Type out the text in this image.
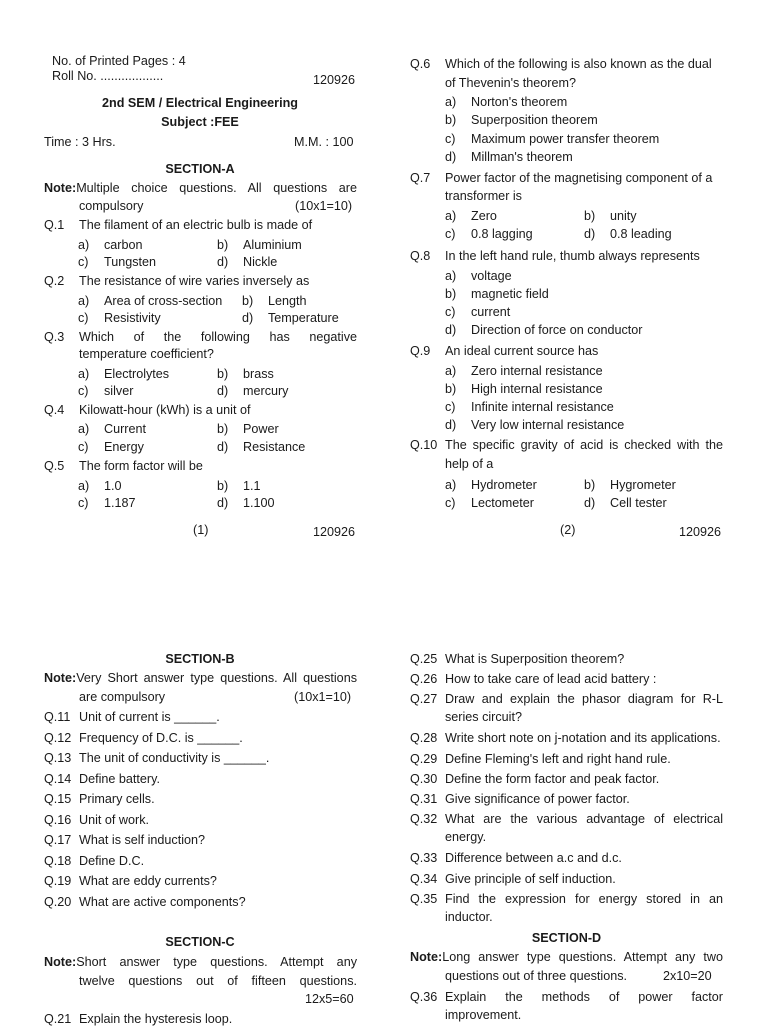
No. of Printed Pages : 4
Roll No. ..................	120926
2nd SEM / Electrical Engineering
Subject :FEE
Time : 3 Hrs.	M.M. : 100
SECTION-A
Note:Multiple choice questions. All questions are
compulsory	(10x1=10)
Q.1 The filament of an electric bulb is made of
a) carbon	b) Aluminium
c) Tungsten	d) Nickle
Q.2 The resistance of wire varies inversely as
a) Area of cross-section b) Length
c) Resistivity	d) Temperature
Q.3 Which of the following has negative
temperature coefficient?
a) Electrolytes	b) brass
c) silver	d) mercury
Q.4 Kilowatt-hour (kWh) is a unit of
a) Current	b) Power
c) Energy	d) Resistance
Q.5 The form factor will be
a) 1.0	b) 1.1
c) 1.187	d) 1.100
(1)	120926
Q.6 Which of the following is also known as the dual
of Thevenin's theorem?
a) Norton's theorem
b) Superposition theorem
c) Maximum power transfer theorem
d) Millman's theorem
Q.7 Power factor of the magnetising component of a
transformer is
a) Zero	b) unity
c) 0.8 lagging	d) 0.8 leading
Q.8 In the left hand rule, thumb always represents
a) voltage
b) magnetic field
c) current
d) Direction of force on conductor
Q.9 An ideal current source has
a) Zero internal resistance
b) High internal resistance
c) Infinite internal resistance
d) Very low internal resistance
Q.10 The specific gravity of acid is checked with the
help of a
a) Hydrometer	b) Hygrometer
c) Lectometer	d) Cell tester
(2)	120926
SECTION-B
Note:Very Short answer type questions. All questions
are compulsory	(10x1=10)
Q.11 Unit of current is ______.
Q.12 Frequency of D.C. is ______.
Q.13 The unit of conductivity is ______.
Q.14 Define battery.
Q.15 Primary cells.
Q.16 Unit of work.
Q.17 What is self induction?
Q.18 Define D.C.
Q.19 What are eddy currents?
Q.20 What are active components?
SECTION-C
Note:Short answer type questions. Attempt any
twelve questions out of fifteen questions.
12x5=60
Q.21 Explain the hysteresis loop.
Q.25 What is Superposition theorem?
Q.26 How to take care of lead acid battery :
Q.27 Draw and explain the phasor diagram for R-L
series circuit?
Q.28 Write short note on j-notation and its applications.
Q.29 Define Fleming's left and right hand rule.
Q.30 Define the form factor and peak factor.
Q.31 Give significance of power factor.
Q.32 What are the various advantage of electrical
energy.
Q.33 Difference between a.c and d.c.
Q.34 Give principle of self induction.
Q.35 Find the expression for energy stored in an
inductor.
SECTION-D
Note:Long answer type questions. Attempt any two
questions out of three questions.	2x10=20
Q.36 Explain the methods of power factor
improvement.
